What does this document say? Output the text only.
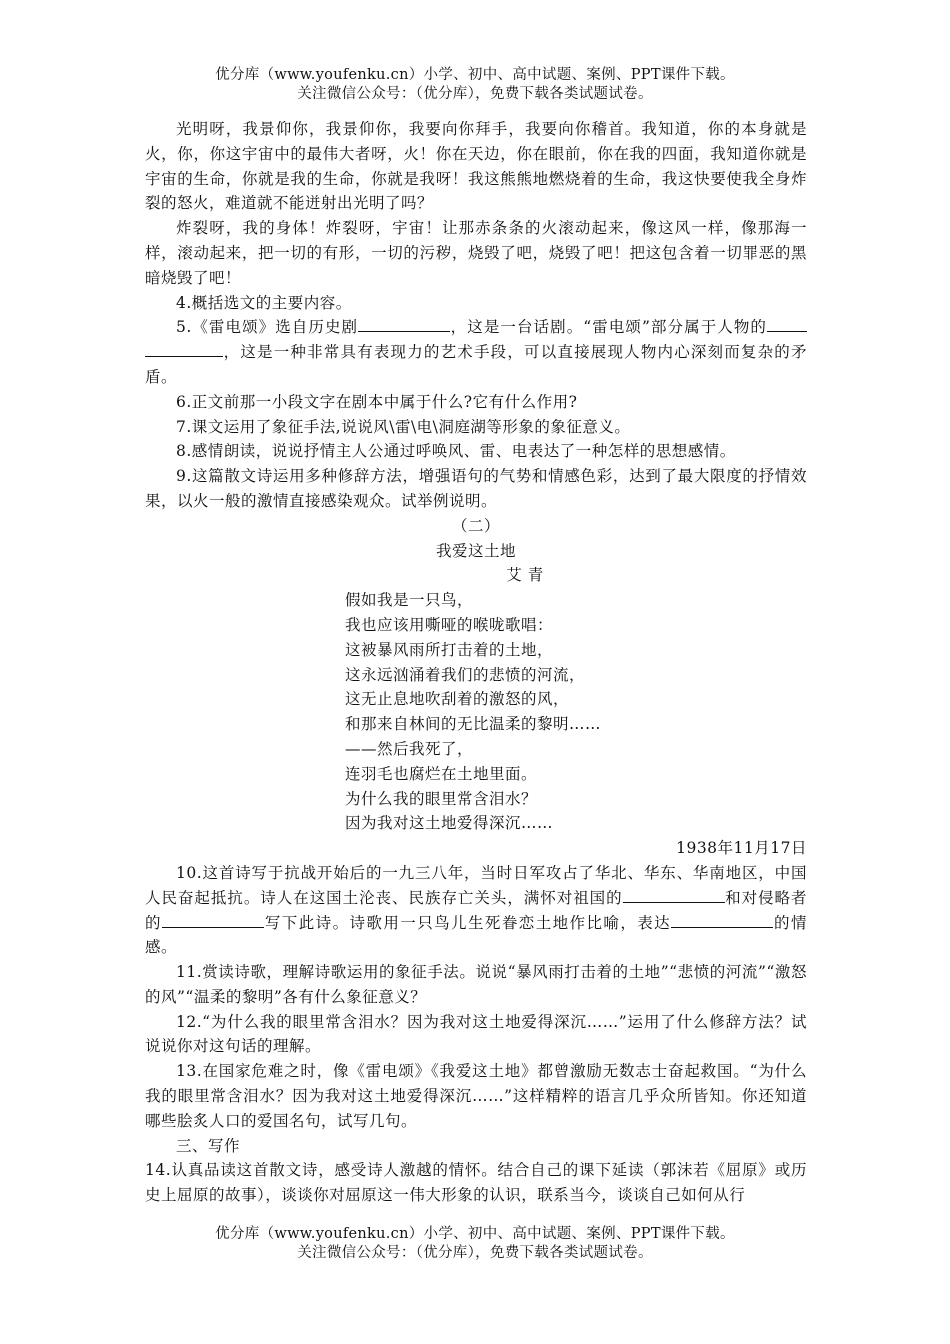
优分库（www.youfenku.cn）小学、初中、高中试题、案例、PPT课件下载。
关注微信公众号：（优分库），免费下载各类试题试卷。

光明呀，我景仰你，我景仰你，我要向你拜手，我要向你稽首。我知道，你的本身就是火，你，你这宇宙中的最伟大者呀，火！你在天边，你在眼前，你在我的四面，我知道你就是宇宙的生命，你就是我的生命，你就是我呀！我这熊熊地燃烧着的生命，我这快要使我全身炸裂的怒火，难道就不能迸射出光明了吗？

炸裂呀，我的身体！炸裂呀，宇宙！让那赤条条的火滚动起来，像这风一样，像那海一样，滚动起来，把一切的有形，一切的污秽，烧毁了吧，烧毁了吧！把这包含着一切罪恶的黑暗烧毁了吧！

4.概括选文的主要内容。

5.《雷电颂》选自历史剧	，这是一台话剧。“雷电颂”部分属于人物的，这是一种非常具有表现力的艺术手段，可以直接展现人物内心深刻而复杂的矛盾。

6.正文前那一小段文字在剧本中属于什么?它有什么作用?

7.课文运用了象征手法,说说风\雷\电\洞庭湖等形象的象征意义。

8.感情朗读，说说抒情主人公通过呼唤风、雷、电表达了一种怎样的思想感情。

9.这篇散文诗运用多种修辞方法，增强语句的气势和情感色彩，达到了最大限度的抒情效果，以火一般的激情直接感染观众。试举例说明。

（二）

我爱这土地

艾 青

假如我是一只鸟，
我也应该用嘶哑的喉咙歌唱：
这被暴风雨所打击着的土地，
这永远汹涌着我们的悲愤的河流，
这无止息地吹刮着的激怒的风，
和那来自林间的无比温柔的黎明……
——然后我死了，
连羽毛也腐烂在土地里面。
为什么我的眼里常含泪水？
因为我对这土地爱得深沉……

1938年11月17日

10.这首诗写于抗战开始后的一九三八年，当时日军攻占了华北、华东、华南地区，中国人民奋起抵抗。诗人在这国土沦丧、民族存亡关头，满怀对祖国的	和对侵略者的	写下此诗。诗歌用一只鸟儿生死眷恋土地作比喻，表达	的情感。

11.赏读诗歌，理解诗歌运用的象征手法。说说“暴风雨打击着的土地”“悲愤的河流”“激怒的风”“温柔的黎明”各有什么象征意义？

12.“为什么我的眼里常含泪水？因为我对这土地爱得深沉……”运用了什么修辞方法？试说说你对这句话的理解。

13.在国家危难之时，像《雷电颂》《我爱这土地》都曾激励无数志士奋起救国。“为什么我的眼里常含泪水？因为我对这土地爱得深沉……”这样精粹的语言几乎众所皆知。你还知道哪些脍炙人口的爱国名句，试写几句。

三、写作

14.认真品读这首散文诗，感受诗人激越的情怀。结合自己的课下延读（郭沫若《屈原》或历史上屈原的故事），谈谈你对屈原这一伟大形象的认识，联系当今，谈谈自己如何从行

优分库（www.youfenku.cn）小学、初中、高中试题、案例、PPT课件下载。
关注微信公众号：（优分库），免费下载各类试题试卷。
